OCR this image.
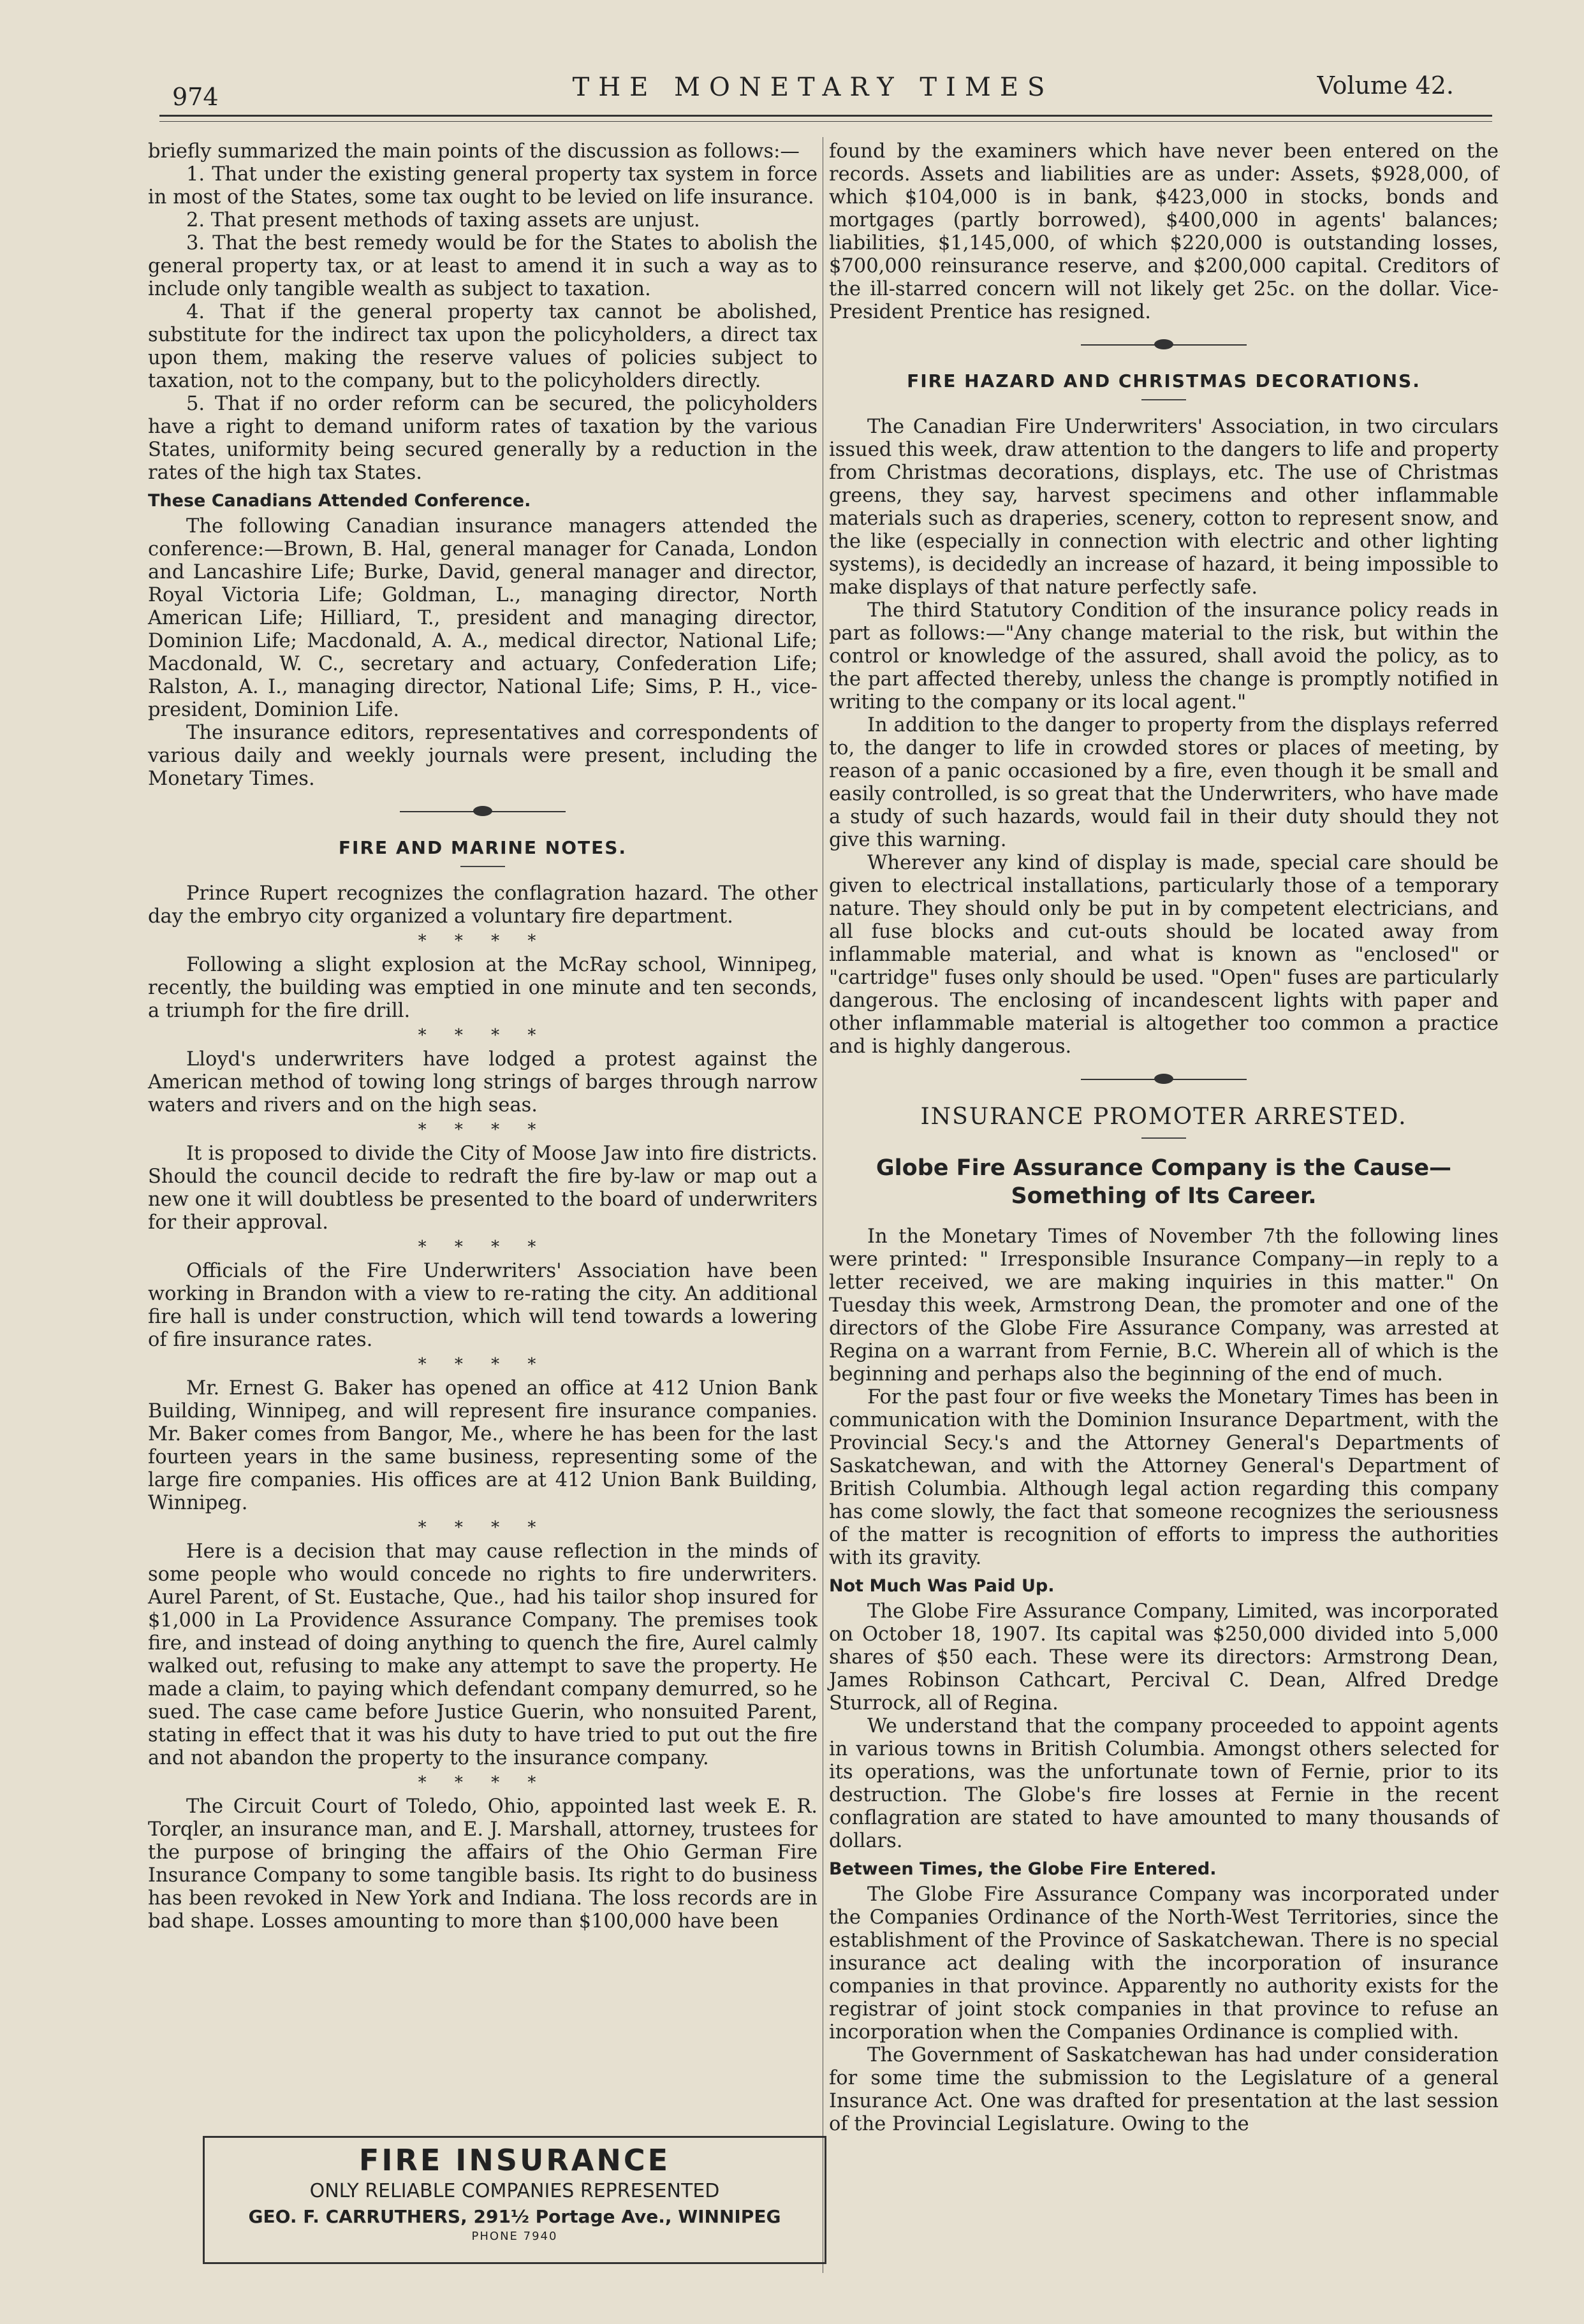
974	THE MONETARY TIMES	Volume 42.

briefly summarized the main points of the discussion as follows:—

1. That under the existing general property tax system in force in most of the States, some tax ought to be levied on life insurance.

2. That present methods of taxing assets are unjust.

3. That the best remedy would be for the States to abolish the general property tax, or at least to amend it in such a way as to include only tangible wealth as subject to taxation.

4. That if the general property tax cannot be abolished, substitute for the indirect tax upon the policyholders, a direct tax upon them, making the reserve values of policies subject to taxation, not to the company, but to the policyholders directly.

5. That if no order reform can be secured, the policyholders have a right to demand uniform rates of taxation by the various States, uniformity being secured generally by a reduction in the rates of the high tax States.

These Canadians Attended Conference.

The following Canadian insurance managers attended the conference:—Brown, B. Hal, general manager for Canada, London and Lancashire Life; Burke, David, general manager and director, Royal Victoria Life; Goldman, L., managing director, North American Life; Hilliard, T., president and managing director, Dominion Life; Macdonald, A. A., medical director, National Life; Macdonald, W. C., secretary and actuary, Confederation Life; Ralston, A. I., managing director, National Life; Sims, P. H., vice-president, Dominion Life.

The insurance editors, representatives and correspondents of various daily and weekly journals were present, including the Monetary Times.

FIRE AND MARINE NOTES.

Prince Rupert recognizes the conflagration hazard. The other day the embryo city organized a voluntary fire department.

* * * *

Following a slight explosion at the McRay school, Winnipeg, recently, the building was emptied in one minute and ten seconds, a triumph for the fire drill.

* * * *

Lloyd's underwriters have lodged a protest against the American method of towing long strings of barges through narrow waters and rivers and on the high seas.

* * * *

It is proposed to divide the City of Moose Jaw into fire districts. Should the council decide to redraft the fire by-law or map out a new one it will doubtless be presented to the board of underwriters for their approval.

* * * *

Officials of the Fire Underwriters' Association have been working in Brandon with a view to re-rating the city. An additional fire hall is under construction, which will tend towards a lowering of fire insurance rates.

* * * *

Mr. Ernest G. Baker has opened an office at 412 Union Bank Building, Winnipeg, and will represent fire insurance companies. Mr. Baker comes from Bangor, Me., where he has been for the last fourteen years in the same business, representing some of the large fire companies. His offices are at 412 Union Bank Building, Winnipeg.

* * * *

Here is a decision that may cause reflection in the minds of some people who would concede no rights to fire underwriters. Aurel Parent, of St. Eustache, Que., had his tailor shop insured for $1,000 in La Providence Assurance Company. The premises took fire, and instead of doing anything to quench the fire, Aurel calmly walked out, refusing to make any attempt to save the property. He made a claim, to paying which defendant company demurred, so he sued. The case came before Justice Guerin, who nonsuited Parent, stating in effect that it was his duty to have tried to put out the fire and not abandon the property to the insurance company.

* * * *

The Circuit Court of Toledo, Ohio, appointed last week E. R. Torqler, an insurance man, and E. J. Marshall, attorney, trustees for the purpose of bringing the affairs of the Ohio German Fire Insurance Company to some tangible basis. Its right to do business has been revoked in New York and Indiana. The loss records are in bad shape. Losses amounting to more than $100,000 have been

FIRE INSURANCE
ONLY RELIABLE COMPANIES REPRESENTED
GEO. F. CARRUTHERS, 291½ Portage Ave., WINNIPEG
PHONE 7940

found by the examiners which have never been entered on the records. Assets and liabilities are as under: Assets, $928,000, of which $104,000 is in bank, $423,000 in stocks, bonds and mortgages (partly borrowed), $400,000 in agents' balances; liabilities, $1,145,000, of which $220,000 is outstanding losses, $700,000 reinsurance reserve, and $200,000 capital. Creditors of the ill-starred concern will not likely get 25c. on the dollar. Vice-President Prentice has resigned.

FIRE HAZARD AND CHRISTMAS DECORATIONS.

The Canadian Fire Underwriters' Association, in two circulars issued this week, draw attention to the dangers to life and property from Christmas decorations, displays, etc. The use of Christmas greens, they say, harvest specimens and other inflammable materials such as draperies, scenery, cotton to represent snow, and the like (especially in connection with electric and other lighting systems), is decidedly an increase of hazard, it being impossible to make displays of that nature perfectly safe.

The third Statutory Condition of the insurance policy reads in part as follows:—"Any change material to the risk, but within the control or knowledge of the assured, shall avoid the policy, as to the part affected thereby, unless the change is promptly notified in writing to the company or its local agent."

In addition to the danger to property from the displays referred to, the danger to life in crowded stores or places of meeting, by reason of a panic occasioned by a fire, even though it be small and easily controlled, is so great that the Underwriters, who have made a study of such hazards, would fail in their duty should they not give this warning.

Wherever any kind of display is made, special care should be given to electrical installations, particularly those of a temporary nature. They should only be put in by competent electricians, and all fuse blocks and cut-outs should be located away from inflammable material, and what is known as "enclosed" or "cartridge" fuses only should be used. "Open" fuses are particularly dangerous. The enclosing of incandescent lights with paper and other inflammable material is altogether too common a practice and is highly dangerous.

INSURANCE PROMOTER ARRESTED.
Globe Fire Assurance Company is the Cause—Something of Its Career.

In the Monetary Times of November 7th the following lines were printed: " Irresponsible Insurance Company—in reply to a letter received, we are making inquiries in this matter." On Tuesday this week, Armstrong Dean, the promoter and one of the directors of the Globe Fire Assurance Company, was arrested at Regina on a warrant from Fernie, B.C. Wherein all of which is the beginning and perhaps also the beginning of the end of much.

For the past four or five weeks the Monetary Times has been in communication with the Dominion Insurance Department, with the Provincial Secy.'s and the Attorney General's Departments of Saskatchewan, and with the Attorney General's Department of British Columbia. Although legal action regarding this company has come slowly, the fact that someone recognizes the seriousness of the matter is recognition of efforts to impress the authorities with its gravity.

Not Much Was Paid Up.

The Globe Fire Assurance Company, Limited, was incorporated on October 18, 1907. Its capital was $250,000 divided into 5,000 shares of $50 each. These were its directors: Armstrong Dean, James Robinson Cathcart, Percival C. Dean, Alfred Dredge Sturrock, all of Regina.

We understand that the company proceeded to appoint agents in various towns in British Columbia. Amongst others selected for its operations, was the unfortunate town of Fernie, prior to its destruction. The Globe's fire losses at Fernie in the recent conflagration are stated to have amounted to many thousands of dollars.

Between Times, the Globe Fire Entered.

The Globe Fire Assurance Company was incorporated under the Companies Ordinance of the North-West Territories, since the establishment of the Province of Saskatchewan. There is no special insurance act dealing with the incorporation of insurance companies in that province. Apparently no authority exists for the registrar of joint stock companies in that province to refuse an incorporation when the Companies Ordinance is complied with.

The Government of Saskatchewan has had under consideration for some time the submission to the Legislature of a general Insurance Act. One was drafted for presentation at the last session of the Provincial Legislature. Owing to the
